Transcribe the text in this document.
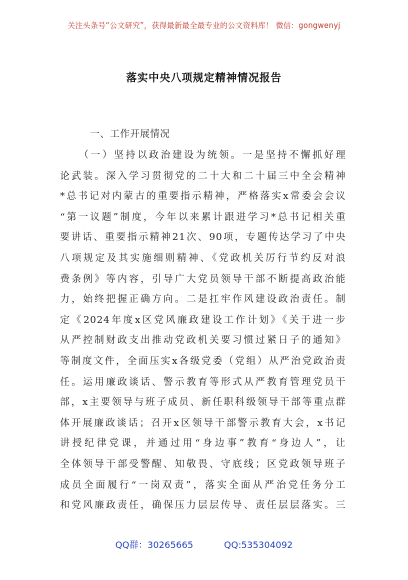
关注头条号“公文研究”，获得最新最全最专业的公文资料库！ 微信：gongwenyj
落实中央八项规定精神情况报告
一、工作开展情况
（一）坚持以政治建设为统领。一是坚持不懈抓好理
论武装。深入学习贯彻党的二十大和二十届三中全会精神
*总书记对内蒙古的重要指示精神，严格落实x常委会会议
“第一议题”制度，今年以来累计跟进学习*总书记相关重
要讲话、重要指示精神21次、90项，专题传达学习了中央
八项规定及其实施细则精神、《党政机关厉行节约反对浪
费条例》等内容，引导广大党员领导干部不断提高政治能
力，始终把握正确方向。二是扛牢作风建设政治责任。制
定《2024年度x区党风廉政建设工作计划》《关于进一步
从严控制财政支出推动党政机关要习惯过紧日子的通知》
等制度文件，全面压实x各级党委（党组）从严治党政治责
任。运用廉政谈话、警示教育等形式从严教育管理党员干
部，x主要领导与班子成员、新任职科级领导干部等重点群
体开展廉政谈话；召开x区领导干部警示教育大会，x书记
讲授纪律党课，并通过用“身边事”教育“身边人”，让
全体领导干部受警醒、知敬畏、守底线；区党政领导班子
成员全面履行“一岗双责”，落实全面从严治党任务分工
和党风廉政责任，确保压力层层传导、责任层层落实。三
QQ群：30265665	QQ:535304092
